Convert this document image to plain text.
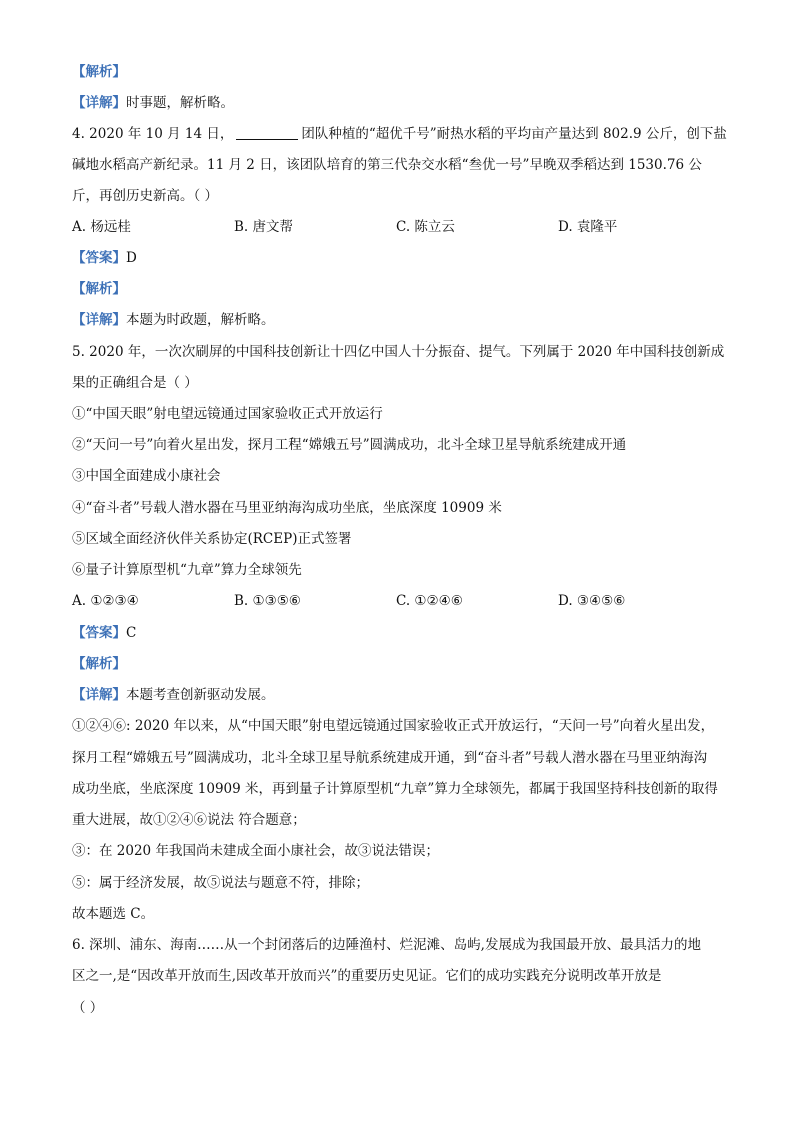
【解析】
【详解】时事题，解析略。
4. 2020 年 10 月 14 日，	团队种植的“超优千号”耐热水稻的平均亩产量达到 802.9 公斤，创下盐
碱地水稻高产新纪录。11 月 2 日，该团队培育的第三代杂交水稻“叁优一号”早晚双季稻达到 1530.76 公
斤，再创历史新高。（ ）
A. 杨远桂	B. 唐文帮	C. 陈立云	D. 袁隆平
【答案】D
【解析】
【详解】本题为时政题，解析略。
5. 2020 年，一次次刷屏的中国科技创新让十四亿中国人十分振奋、提气。下列属于 2020 年中国科技创新成
果的正确组合是（ ）
①“中国天眼”射电望远镜通过国家验收正式开放运行
②“天问一号”向着火星出发，探月工程“嫦娥五号”圆满成功，北斗全球卫星导航系统建成开通
③中国全面建成小康社会
④“奋斗者”号载人潜水器在马里亚纳海沟成功坐底，坐底深度 10909 米
⑤区域全面经济伙伴关系协定(RCEP)正式签署
⑥量子计算原型机“九章”算力全球领先
A. ①②③④	B. ①③⑤⑥	C. ①②④⑥	D. ③④⑤⑥
【答案】C
【解析】
【详解】本题考查创新驱动发展。
①②④⑥: 2020 年以来，从“中国天眼”射电望远镜通过国家验收正式开放运行，“天问一号”向着火星出发，
探月工程“嫦娥五号”圆满成功，北斗全球卫星导航系统建成开通，到“奋斗者”号载人潜水器在马里亚纳海沟
成功坐底，坐底深度 10909 米，再到量子计算原型机“九章”算力全球领先，都属于我国坚持科技创新的取得
重大进展，故①②④⑥说法 符合题意；
③：在 2020 年我国尚未建成全面小康社会，故③说法错误；
⑤：属于经济发展，故⑤说法与题意不符，排除；
故本题选 C。
6. 深圳、浦东、海南……从一个封闭落后的边陲渔村、烂泥滩、岛屿,发展成为我国最开放、最具活力的地
区之一,是“因改革开放而生,因改革开放而兴”的重要历史见证。它们的成功实践充分说明改革开放是
（ ）
